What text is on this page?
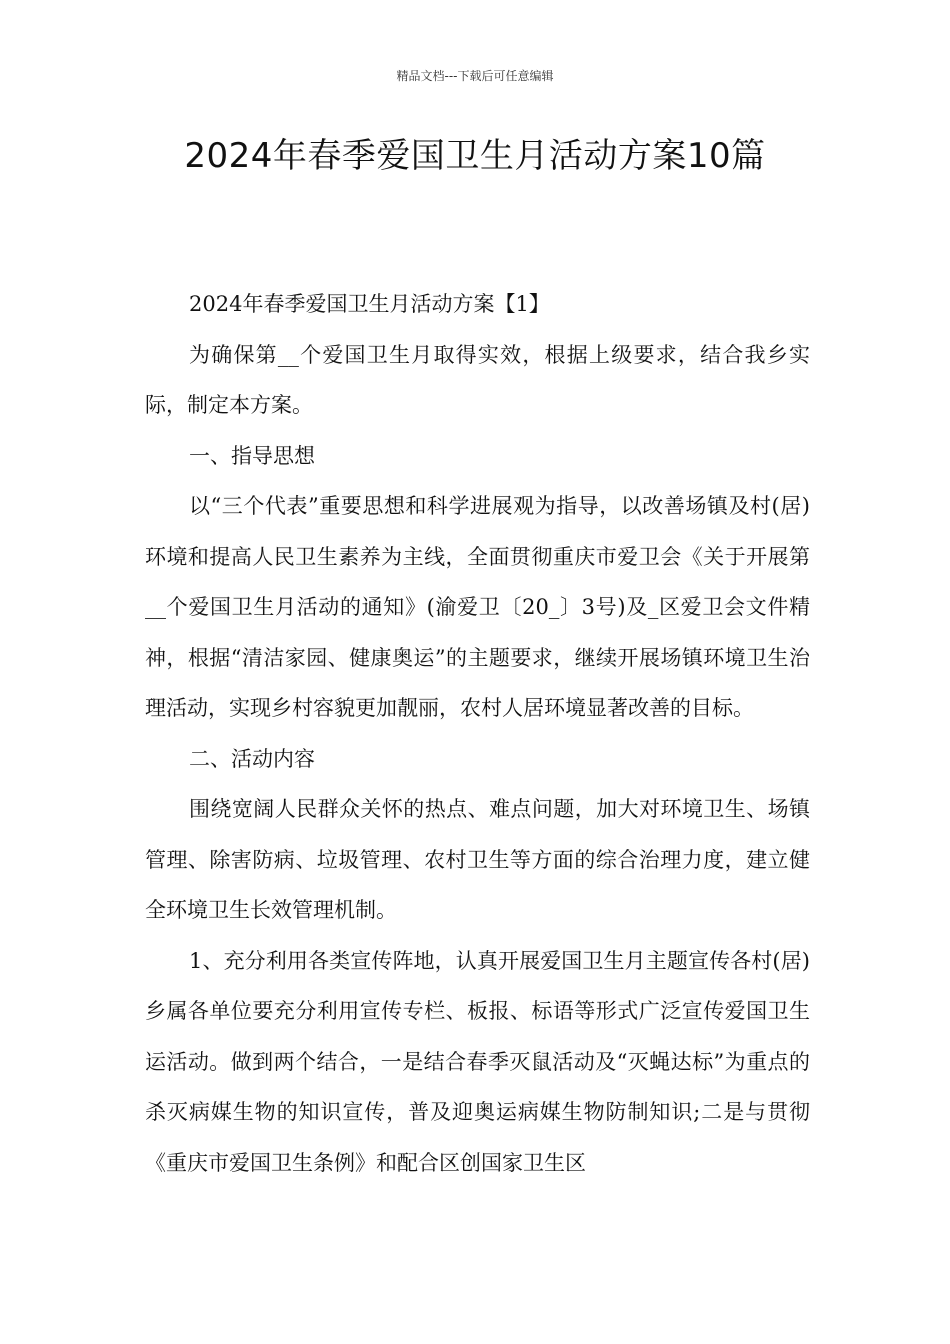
精品文档---下载后可任意编辑
2024年春季爱国卫生月活动方案10篇

2024年春季爱国卫生月活动方案【1】

为确保第__个爱国卫生月取得实效，根据上级要求，结合我乡实际，制定本方案。

一、指导思想

以“三个代表”重要思想和科学进展观为指导，以改善场镇及村(居)环境和提高人民卫生素养为主线，全面贯彻重庆市爱卫会《关于开展第__个爱国卫生月活动的通知》(渝爱卫〔20_〕3号)及_区爱卫会文件精神，根据“清洁家园、健康奥运”的主题要求，继续开展场镇环境卫生治理活动，实现乡村容貌更加靓丽，农村人居环境显著改善的目标。

二、活动内容

围绕宽阔人民群众关怀的热点、难点问题，加大对环境卫生、场镇管理、除害防病、垃圾管理、农村卫生等方面的综合治理力度，建立健全环境卫生长效管理机制。

1、充分利用各类宣传阵地，认真开展爱国卫生月主题宣传各村(居)乡属各单位要充分利用宣传专栏、板报、标语等形式广泛宣传爱国卫生运活动。做到两个结合，一是结合春季灭鼠活动及“灭蝇达标”为重点的杀灭病媒生物的知识宣传，普及迎奥运病媒生物防制知识;二是与贯彻《重庆市爱国卫生条例》和配合区创国家卫生区
